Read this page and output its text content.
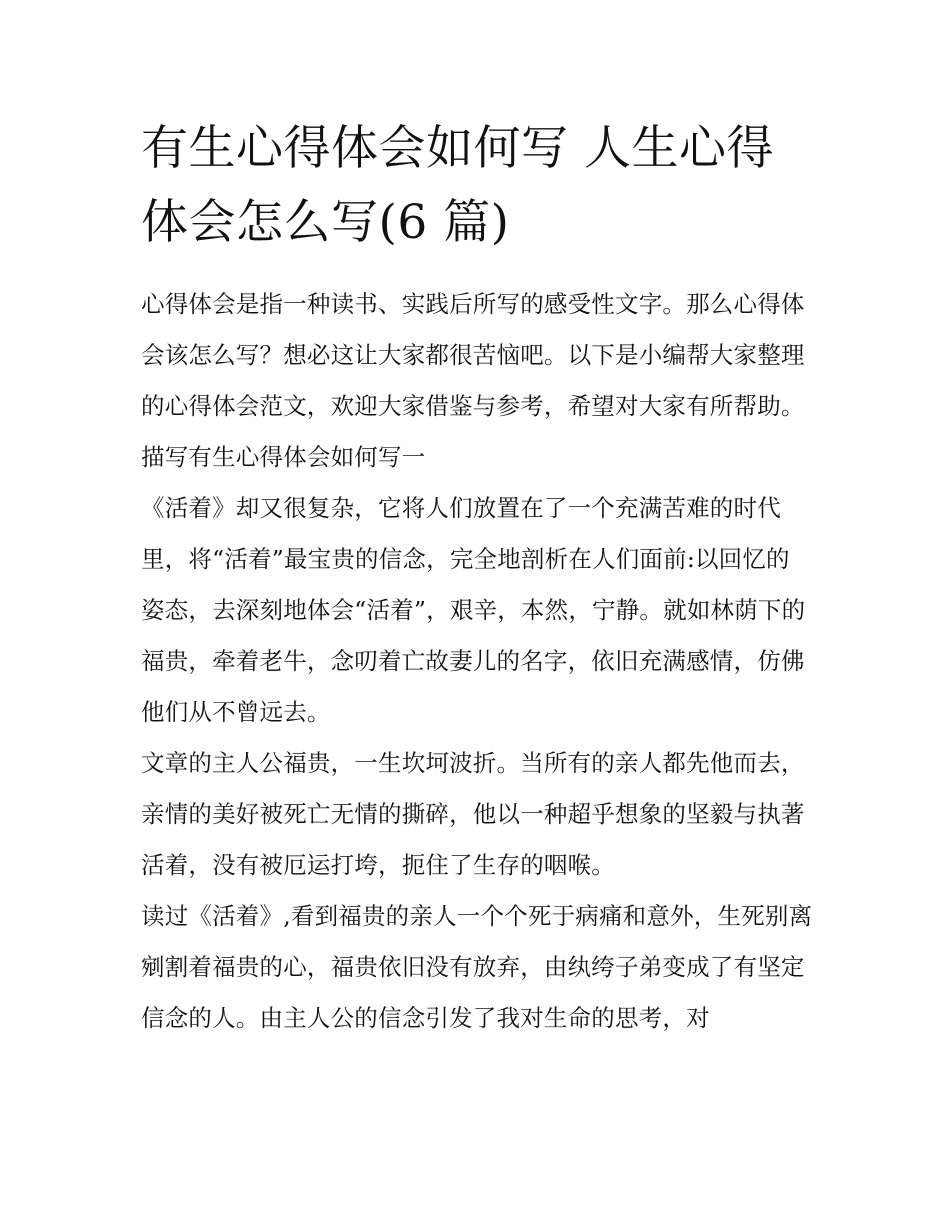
有生心得体会如何写 人生心得
体会怎么写(6 篇)

心得体会是指一种读书、实践后所写的感受性文字。那么心得体会该怎么写？想必这让大家都很苦恼吧。以下是小编帮大家整理的心得体会范文，欢迎大家借鉴与参考，希望对大家有所帮助。

描写有生心得体会如何写一

《活着》却又很复杂，它将人们放置在了一个充满苦难的时代里，将“活着”最宝贵的信念，完全地剖析在人们面前:以回忆的姿态，去深刻地体会“活着”，艰辛，本然，宁静。就如林荫下的福贵，牵着老牛，念叨着亡故妻儿的名字，依旧充满感情，仿佛他们从不曾远去。

文章的主人公福贵，一生坎坷波折。当所有的亲人都先他而去，亲情的美好被死亡无情的撕碎，他以一种超乎想象的坚毅与执著活着，没有被厄运打垮，扼住了生存的咽喉。

读过《活着》,看到福贵的亲人一个个死于病痛和意外，生死别离剜割着福贵的心，福贵依旧没有放弃，由纨绔子弟变成了有坚定信念的人。由主人公的信念引发了我对生命的思考，对
